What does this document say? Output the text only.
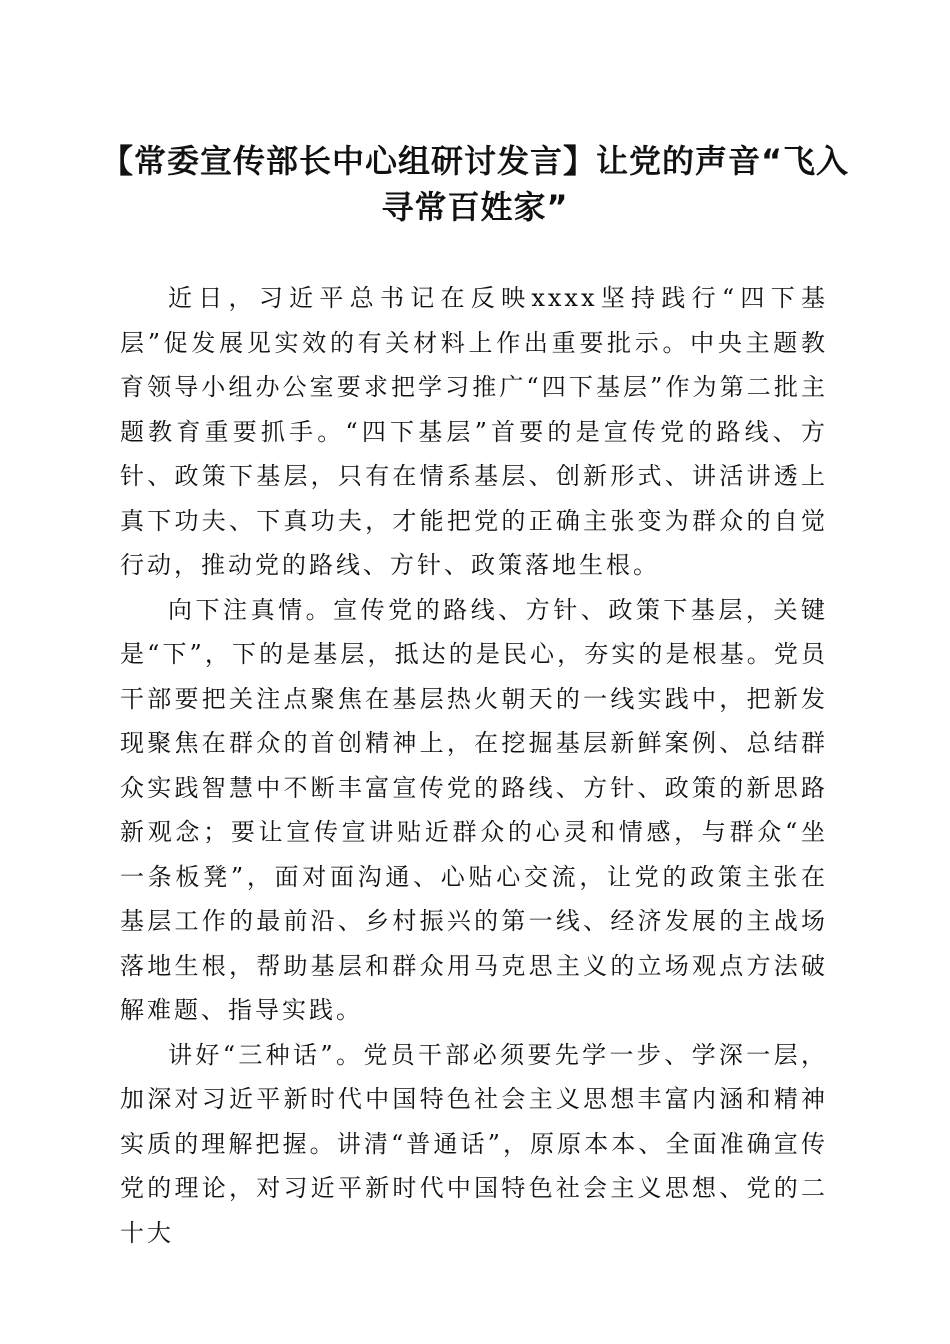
【常委宣传部长中心组研讨发言】让党的声音“飞入寻常百姓家”

近日，习近平总书记在反映xxxx坚持践行“四下基层”促发展见实效的有关材料上作出重要批示。中央主题教育领导小组办公室要求把学习推广“四下基层”作为第二批主题教育重要抓手。“四下基层”首要的是宣传党的路线、方针、政策下基层，只有在情系基层、创新形式、讲活讲透上真下功夫、下真功夫，才能把党的正确主张变为群众的自觉行动，推动党的路线、方针、政策落地生根。

向下注真情。宣传党的路线、方针、政策下基层，关键是“下”，下的是基层，抵达的是民心，夯实的是根基。党员干部要把关注点聚焦在基层热火朝天的一线实践中，把新发现聚焦在群众的首创精神上，在挖掘基层新鲜案例、总结群众实践智慧中不断丰富宣传党的路线、方针、政策的新思路新观念；要让宣传宣讲贴近群众的心灵和情感，与群众“坐一条板凳”，面对面沟通、心贴心交流，让党的政策主张在基层工作的最前沿、乡村振兴的第一线、经济发展的主战场落地生根，帮助基层和群众用马克思主义的立场观点方法破解难题、指导实践。

讲好“三种话”。党员干部必须要先学一步、学深一层，加深对习近平新时代中国特色社会主义思想丰富内涵和精神实质的理解把握。讲清“普通话”，原原本本、全面准确宣传党的理论，对习近平新时代中国特色社会主义思想、党的二十大
